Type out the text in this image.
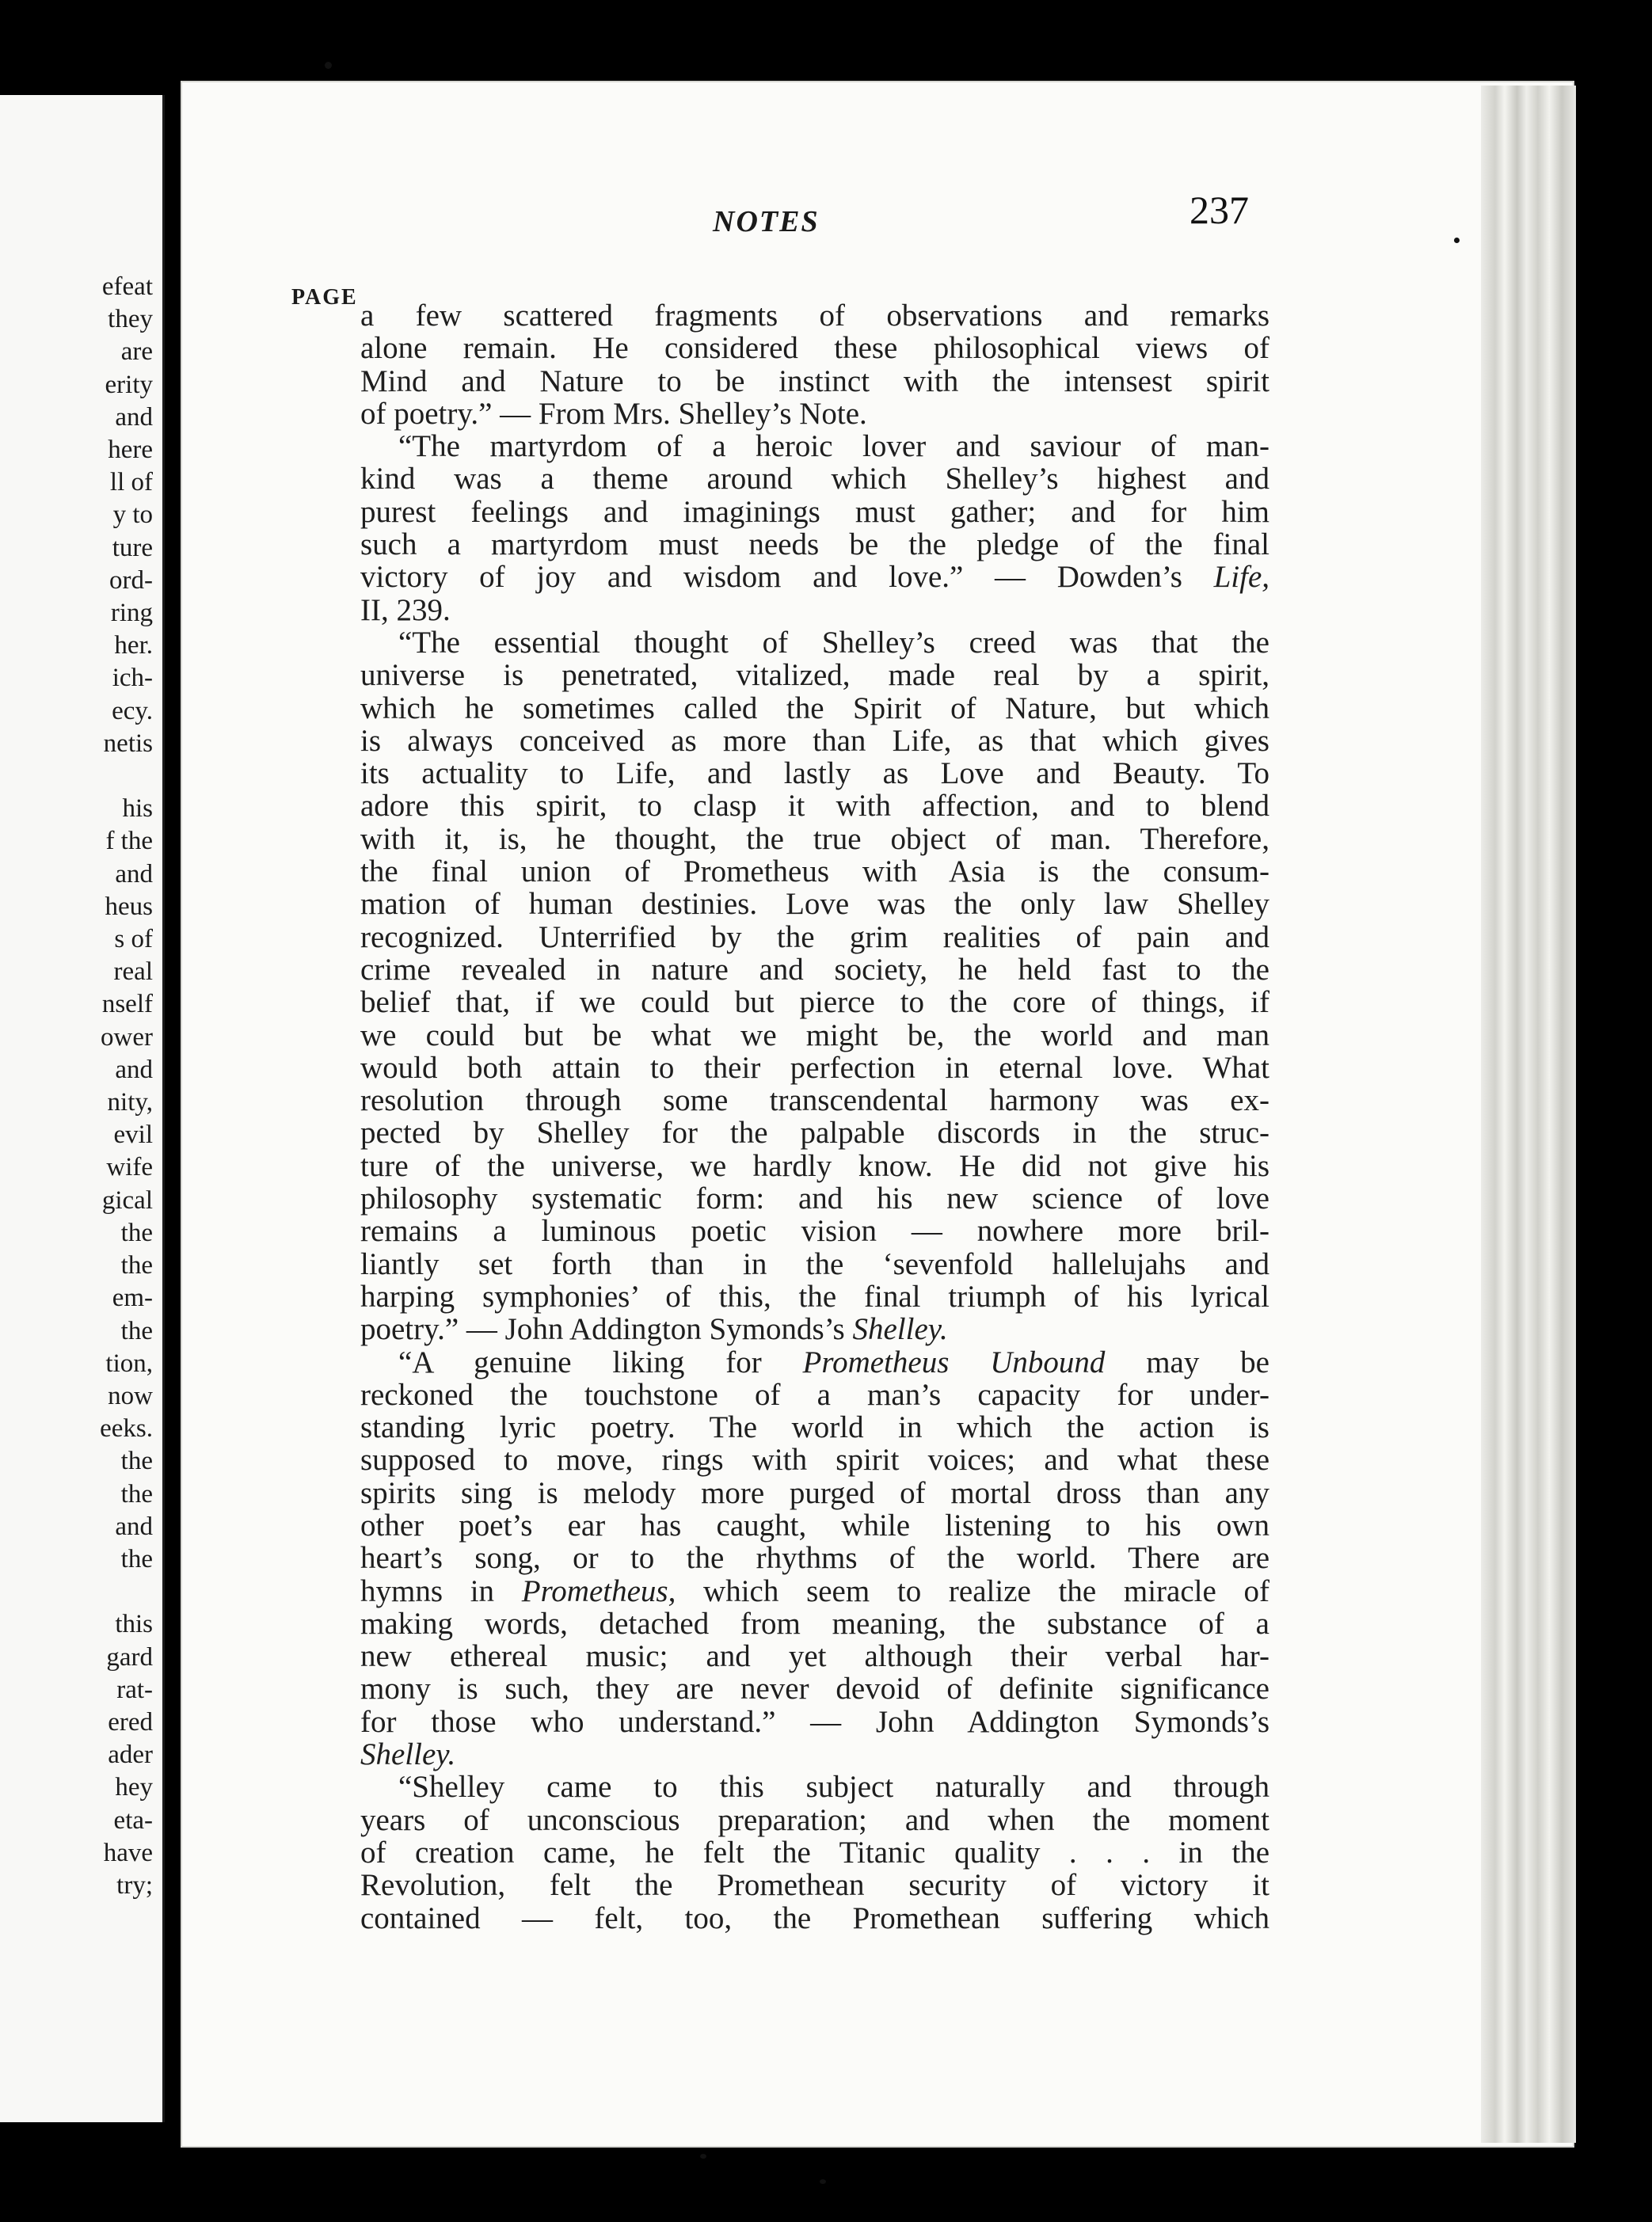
efeat
they
are
erity
and
here
ll of
y to
ture
ord-
ring
her.
ich-
ecy.
netis

his
f the
and
heus
s of
real
nself
ower
and
nity,
evil
wife
gical
the
the
em-
the
tion,
now
eeks.
the
the
and
the

this
gard
rat-
ered
ader
hey
eta-
have
try;
NOTES	237
PAGE
a few scattered fragments of observations and remarks
alone remain. He considered these philosophical views of
Mind and Nature to be instinct with the intensest spirit
of poetry.” — From Mrs. Shelley’s Note.
“The martyrdom of a heroic lover and saviour of man-
kind was a theme around which Shelley’s highest and
purest feelings and imaginings must gather; and for him
such a martyrdom must needs be the pledge of the final
victory of joy and wisdom and love.” — Dowden’s Life,
II, 239.
“The essential thought of Shelley’s creed was that the
universe is penetrated, vitalized, made real by a spirit,
which he sometimes called the Spirit of Nature, but which
is always conceived as more than Life, as that which gives
its actuality to Life, and lastly as Love and Beauty. To
adore this spirit, to clasp it with affection, and to blend
with it, is, he thought, the true object of man. Therefore,
the final union of Prometheus with Asia is the consum-
mation of human destinies. Love was the only law Shelley
recognized. Unterrified by the grim realities of pain and
crime revealed in nature and society, he held fast to the
belief that, if we could but pierce to the core of things, if
we could but be what we might be, the world and man
would both attain to their perfection in eternal love. What
resolution through some transcendental harmony was ex-
pected by Shelley for the palpable discords in the struc-
ture of the universe, we hardly know. He did not give his
philosophy systematic form: and his new science of love
remains a luminous poetic vision — nowhere more bril-
liantly set forth than in the ‘sevenfold hallelujahs and
harping symphonies’ of this, the final triumph of his lyrical
poetry.” — John Addington Symonds’s Shelley.
“A genuine liking for Prometheus Unbound may be
reckoned the touchstone of a man’s capacity for under-
standing lyric poetry. The world in which the action is
supposed to move, rings with spirit voices; and what these
spirits sing is melody more purged of mortal dross than any
other poet’s ear has caught, while listening to his own
heart’s song, or to the rhythms of the world. There are
hymns in Prometheus, which seem to realize the miracle of
making words, detached from meaning, the substance of a
new ethereal music; and yet although their verbal har-
mony is such, they are never devoid of definite significance
for those who understand.” — John Addington Symonds’s
Shelley.
“Shelley came to this subject naturally and through
years of unconscious preparation; and when the moment
of creation came, he felt the Titanic quality . . . in the
Revolution, felt the Promethean security of victory it
contained — felt, too, the Promethean suffering which
